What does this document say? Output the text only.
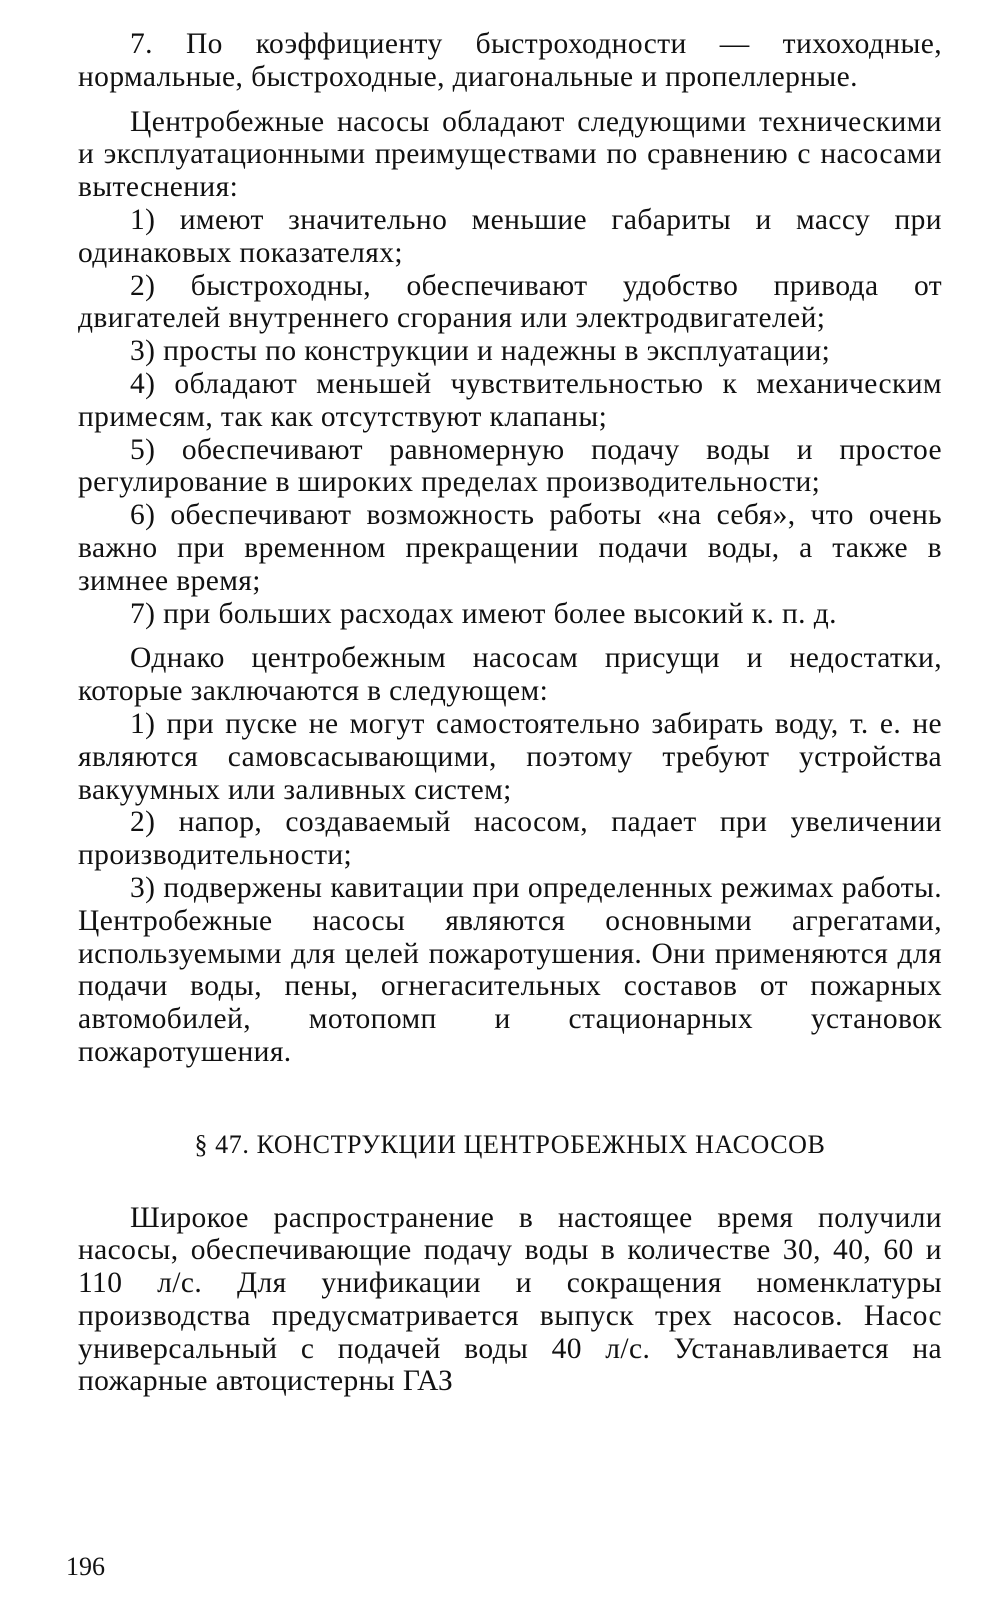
7. По коэффициенту быстроходности — тихоходные, нормальные, быстроходные, диагональные и пропеллерные.

Центробежные насосы обладают следующими техническими и эксплуатационными преимуществами по сравнению с насосами вытеснения:

1) имеют значительно меньшие габариты и массу при одинаковых показателях;

2) быстроходны, обеспечивают удобство привода от двигателей внутреннего сгорания или электродвигателей;

3) просты по конструкции и надежны в эксплуатации;

4) обладают меньшей чувствительностью к механическим примесям, так как отсутствуют клапаны;

5) обеспечивают равномерную подачу воды и простое регулирование в широких пределах производительности;

6) обеспечивают возможность работы «на себя», что очень важно при временном прекращении подачи воды, а также в зимнее время;

7) при больших расходах имеют более высокий к. п. д.

Однако центробежным насосам присущи и недостатки, которые заключаются в следующем:

1) при пуске не могут самостоятельно забирать воду, т. е. не являются самовсасывающими, поэтому требуют устройства вакуумных или заливных систем;

2) напор, создаваемый насосом, падает при увеличении производительности;

3) подвержены кавитации при определенных режимах работы. Центробежные насосы являются основными агрегатами, используемыми для целей пожаротушения. Они применяются для подачи воды, пены, огнегасительных составов от пожарных автомобилей, мотопомп и стационарных установок пожаротушения.

§ 47. КОНСТРУКЦИИ ЦЕНТРОБЕЖНЫХ НАСОСОВ

Широкое распространение в настоящее время получили насосы, обеспечивающие подачу воды в количестве 30, 40, 60 и 110 л/с. Для унификации и сокращения номенклатуры производства предусматривается выпуск трех насосов. Насос универсальный с подачей воды 40 л/с. Устанавливается на пожарные автоцистерны ГАЗ

196
